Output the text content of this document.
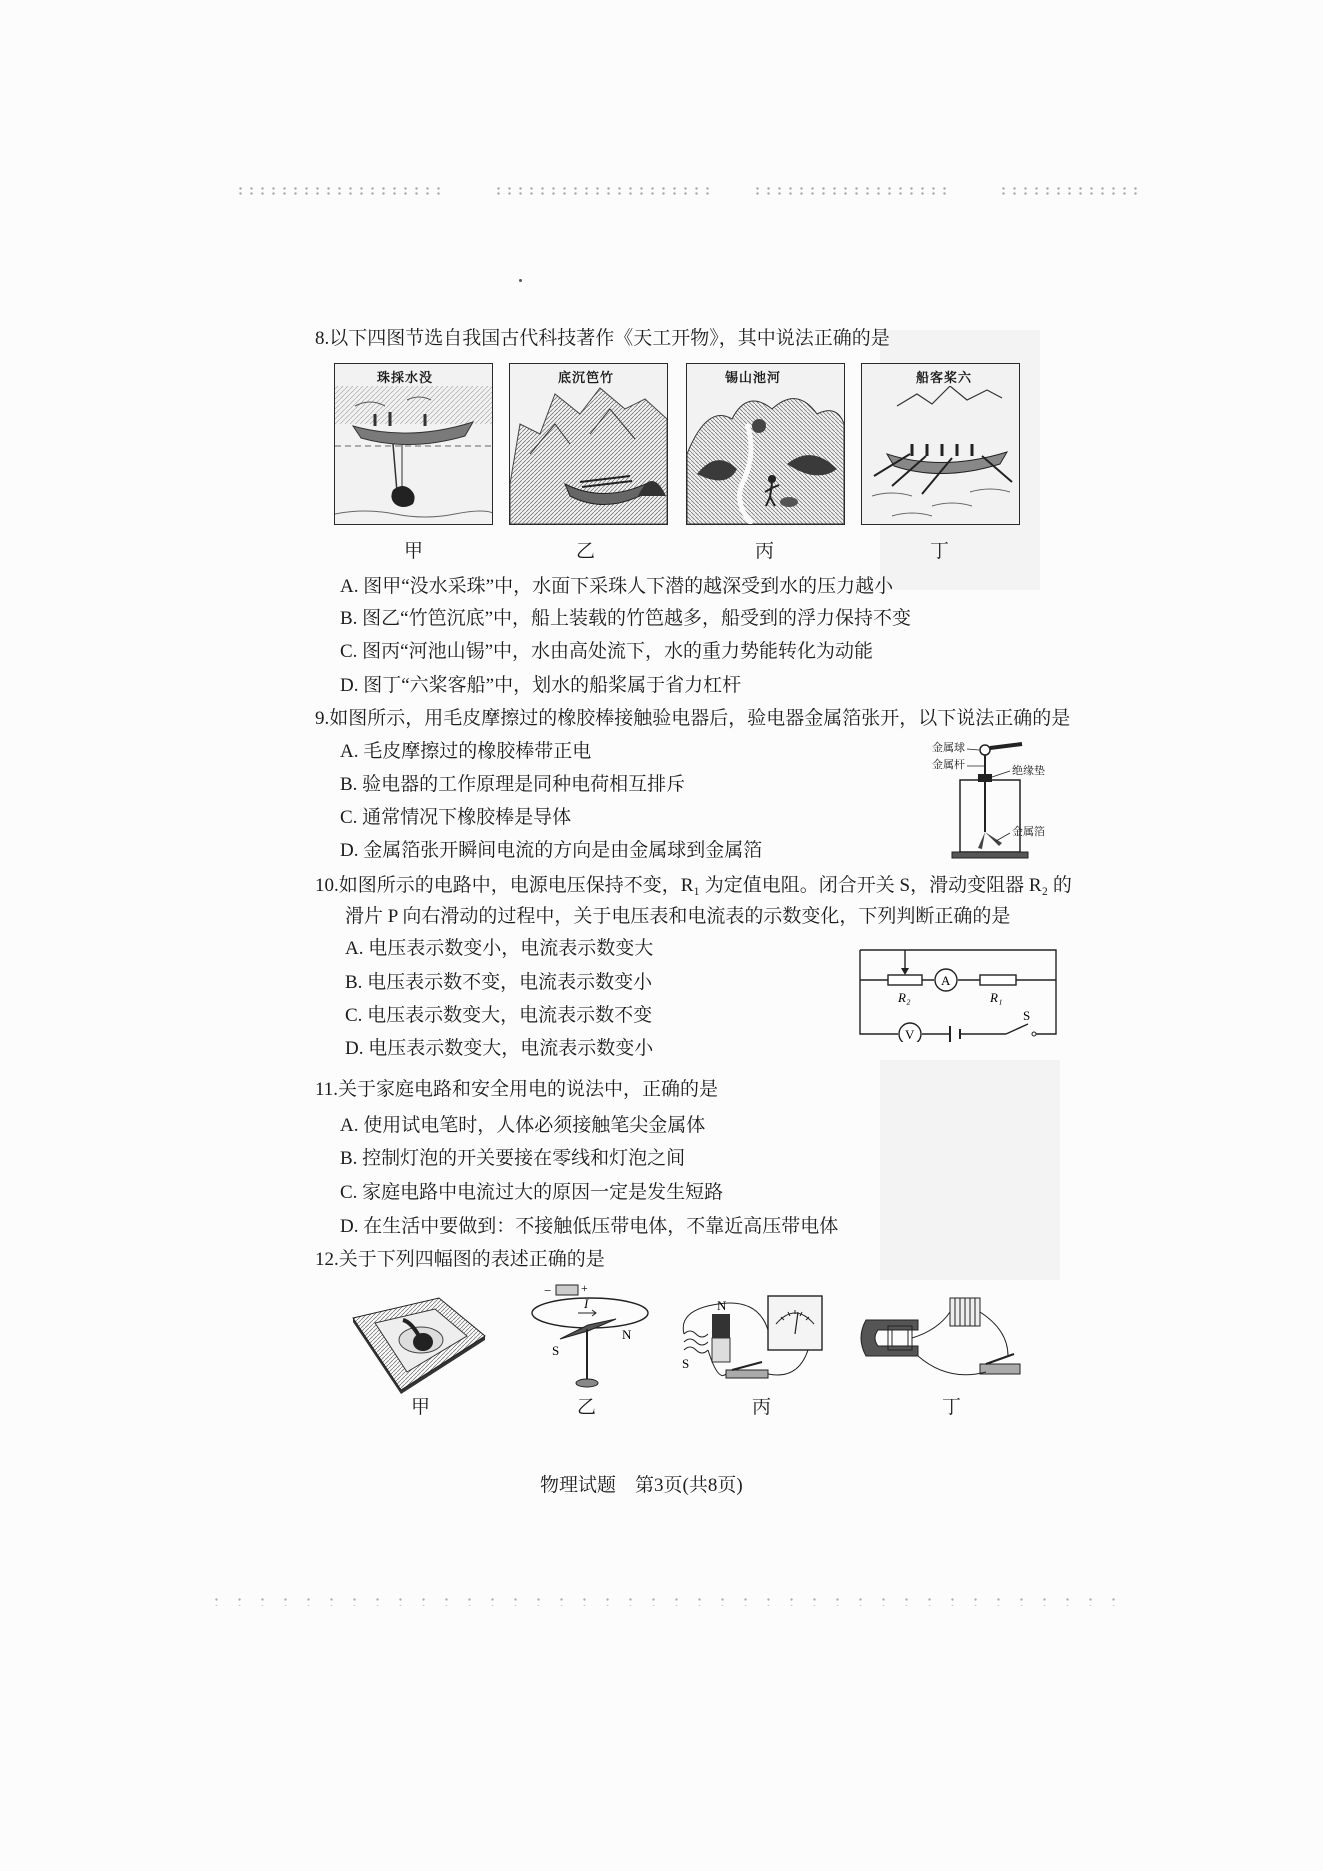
8.以下四图节选自我国古代科技著作《天工开物》，其中说法正确的是
珠採水没	底沉笆竹	锡山池河	船客桨六
甲	乙	丙	丁
A. 图甲“没水采珠”中，水面下采珠人下潜的越深受到水的压力越小
B. 图乙“竹笆沉底”中，船上装载的竹笆越多，船受到的浮力保持不变
C. 图丙“河池山锡”中，水由高处流下，水的重力势能转化为动能
D. 图丁“六桨客船”中，划水的船桨属于省力杠杆
9.如图所示，用毛皮摩擦过的橡胶棒接触验电器后，验电器金属箔张开，以下说法正确的是
A. 毛皮摩擦过的橡胶棒带正电
B. 验电器的工作原理是同种电荷相互排斥
C. 通常情况下橡胶棒是导体
D. 金属箔张开瞬间电流的方向是由金属球到金属箔
金属球
金属杆	绝缘垫
金属箔
10.如图所示的电路中，电源电压保持不变，R₁ 为定值电阻。闭合开关 S，滑动变阻器 R₂ 的
滑片 P 向右滑动的过程中，关于电压表和电流表的示数变化，下列判断正确的是
A. 电压表示数变小，电流表示数变大
B. 电压表示数不变，电流表示数变小
C. 电压表示数变大，电流表示数不变
D. 电压表示数变大，电流表示数变小
R₂
A
R₁
V
S
11.关于家庭电路和安全用电的说法中，正确的是
A. 使用试电笔时，人体必须接触笔尖金属体
B. 控制灯泡的开关要接在零线和灯泡之间
C. 家庭电路中电流过大的原因一定是发生短路
D. 在生活中要做到：不接触低压带电体，不靠近高压带电体
12.关于下列四幅图的表述正确的是
− +
I
S
N
N
S
甲	乙	丙	丁
物理试题　第3页(共8页)
